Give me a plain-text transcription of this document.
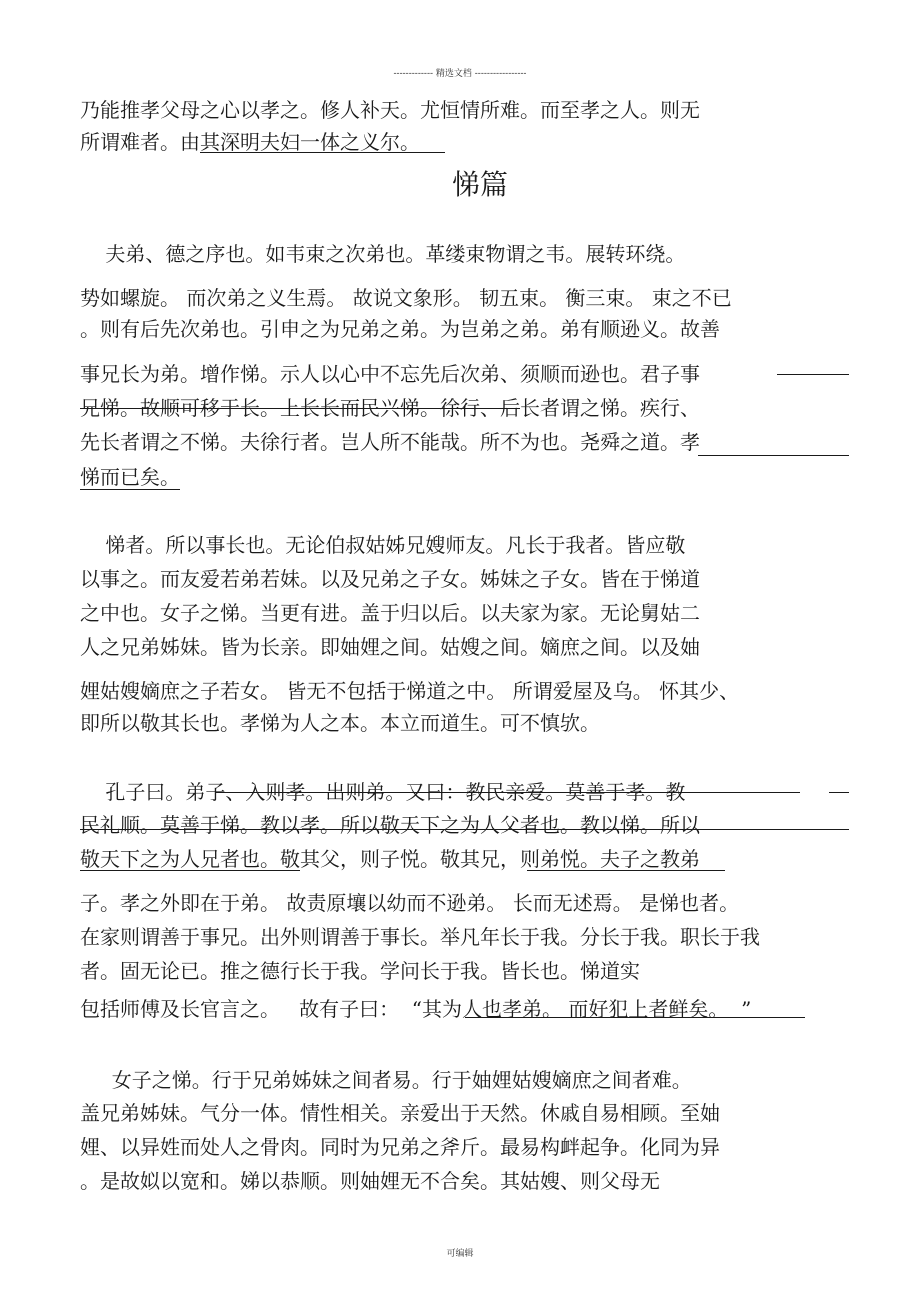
------------- 精选文档 -----------------
乃能推孝父母之心以孝之。修人补天。尤恒情所难。而至孝之人。则无
所谓难者。由其深明夫妇一体之义尔。
悌篇
夫弟、德之序也。如韦束之次弟也。革缕束物谓之韦。展转环绕。
势如螺旋。 而次弟之义生焉。 故说文象形。 韧五束。 衡三束。 束之不已
。则有后先次弟也。引申之为兄弟之弟。为岂弟之弟。弟有顺逊义。故善
事兄长为弟。增作悌。示人以心中不忘先后次弟、须顺而逊也。君子事
兄悌。故顺可移于长。上长长而民兴悌。徐行、后长者谓之悌。疾行、
先长者谓之不悌。夫徐行者。岂人所不能哉。所不为也。尧舜之道。孝
悌而已矣。
悌者。所以事长也。无论伯叔姑姊兄嫂师友。凡长于我者。皆应敬
以事之。而友爱若弟若妹。以及兄弟之子女。姊妹之子女。皆在于悌道
之中也。女子之悌。当更有进。盖于归以后。以夫家为家。无论舅姑二
人之兄弟姊妹。皆为长亲。即妯娌之间。姑嫂之间。嫡庶之间。以及妯
娌姑嫂嫡庶之子若女。 皆无不包括于悌道之中。 所谓爱屋及乌。 怀其少、
即所以敬其长也。孝悌为人之本。本立而道生。可不慎欤。
孔子曰。弟子、入则孝。出则弟。又曰：教民亲爱。莫善于孝。教
民礼顺。莫善于悌。教以孝。所以敬天下之为人父者也。教以悌。所以
敬天下之为人兄者也。敬其父，则子悦。敬其兄，则弟悦。夫子之教弟
子。孝之外即在于弟。 故责原壤以幼而不逊弟。 长而无述焉。 是悌也者。
在家则谓善于事兄。出外则谓善于事长。举凡年长于我。分长于我。职长于我
者。固无论已。推之德行长于我。学问长于我。皆长也。悌道实
包括师傅及长官言之。   故有子曰：  “其为人也孝弟。 而好犯上者鲜矣。  ”
女子之悌。行于兄弟姊妹之间者易。行于妯娌姑嫂嫡庶之间者难。
盖兄弟姊妹。气分一体。情性相关。亲爱出于天然。休戚自易相顾。至妯
娌、以异姓而处人之骨肉。同时为兄弟之斧斤。最易构衅起争。化同为异
。是故姒以宽和。娣以恭顺。则妯娌无不合矣。其姑嫂、则父母无
可编辑
